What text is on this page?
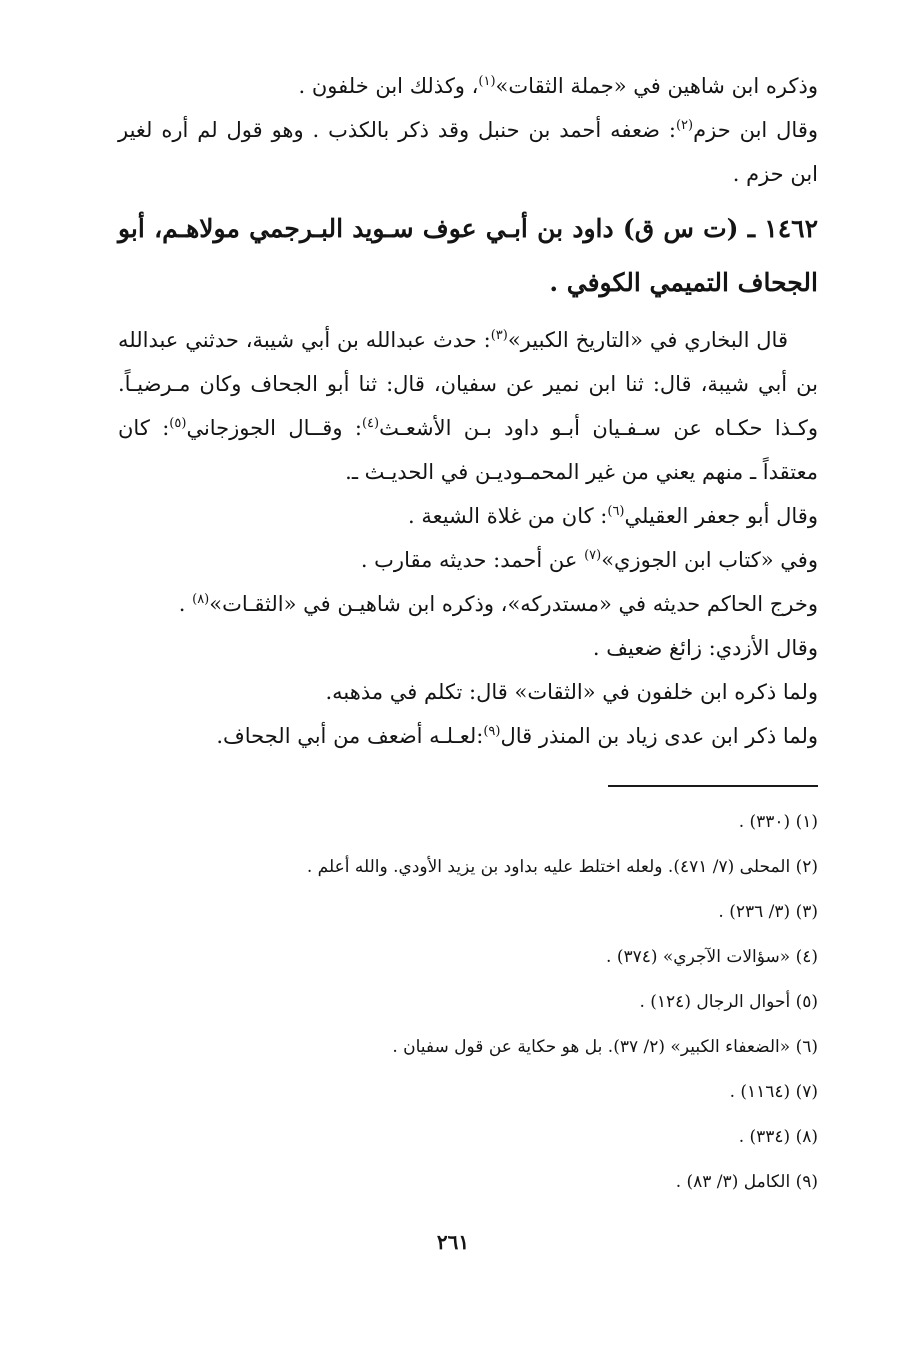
وذكره ابن شاهين في «جملة الثقات»$^{(١)}$، وكذلك ابن خلفون .

وقال ابن حزم$^{(٢)}$: ضعفه أحمد بن حنبل وقد ذكر بالكذب . وهو قول لم أره لغير ابن حزم .

١٤٦٢ ـ (ت س ق) داود بن أبـي عوف سـويد البـرجمي مولاهـم، أبو الجحاف التميمي الكوفي .

قال البخاري في «التاريخ الكبير»$^{(٣)}$: حدث عبدالله بن أبي شيبة، حدثني عبدالله بن أبي شيبة، قال: ثنا ابن نمير عن سفيان، قال: ثنا أبو الجحاف وكان مـرضيـاً. وكـذا حكـاه عن سـفـيان أبـو داود بـن الأشعـث$^{(٤)}$: وقــال الجوزجاني$^{(٥)}$: كان معتقداً ـ منهم يعني من غير المحمـوديـن في الحديـث ـ.

وقال أبو جعفر العقيلي$^{(٦)}$: كان من غلاة الشيعة .

وفي «كتاب ابن الجوزي»$^{(٧)}$ عن أحمد: حديثه مقارب .

وخرج الحاكم حديثه في «مستدركه»، وذكره ابن شاهيـن في «الثقـات»$^{(٨)}$ .

وقال الأزدي: زائغ ضعيف .

ولما ذكره ابن خلفون في «الثقات» قال: تكلم في مذهبه.

ولما ذكر ابن عدى زياد بن المنذر قال$^{(٩)}$:لعـلـه أضعف من أبي الجحاف.

(١) (٣٣٠) .
(٢) المحلى (٧/ ٤٧١). ولعله اختلط عليه بداود بن يزيد الأودي. والله أعلم .
(٣) (٣/ ٢٣٦) .
(٤) «سؤالات الآجري» (٣٧٤) .
(٥) أحوال الرجال (١٢٤) .
(٦) «الضعفاء الكبير» (٢/ ٣٧). بل هو حكاية عن قول سفيان .
(٧) (١١٦٤) .
(٨) (٣٣٤) .
(٩) الكامل (٣/ ٨٣) .
٢٦١
